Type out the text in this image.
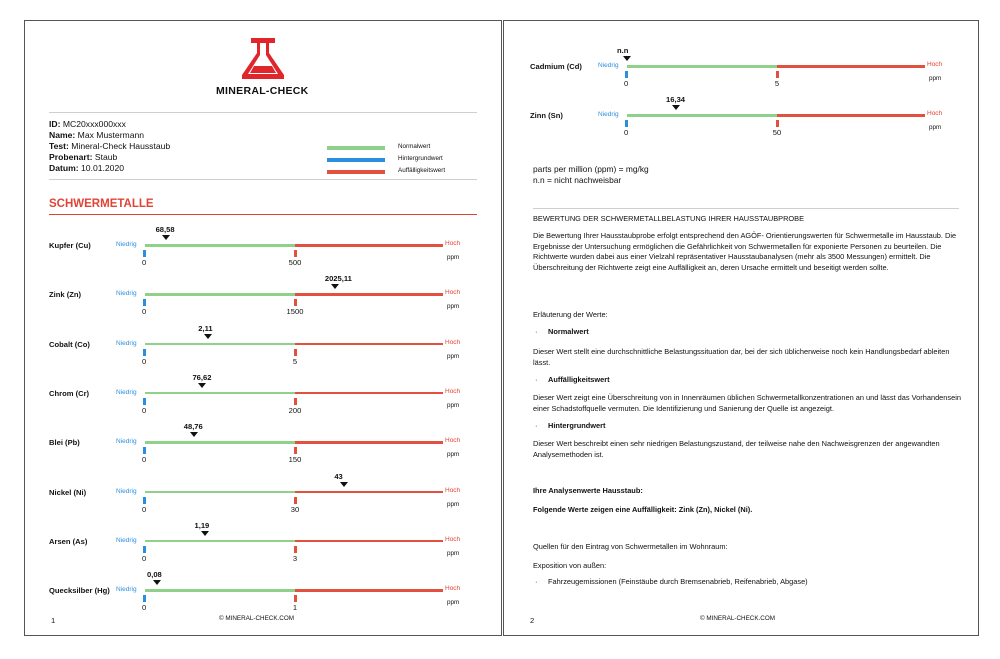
MINERAL-CHECK
ID: MC20xxx000xxx
Name: Max Mustermann
Test: Mineral-Check Hausstaub
Probenart: Staub
Datum: 10.01.2020
Normalwert
Hintergrundwert
Auffälligkeitswert
SCHWERMETALLE
Kupfer (Cu)	Niedrig	Hoch
ppm
0	500
68,58
Zink (Zn)	Niedrig	Hoch
ppm
0	1500
2025,11
Cobalt (Co)	Niedrig	Hoch
ppm
0	5
2,11
Chrom (Cr)	Niedrig	Hoch
ppm
0	200
76,62
Blei (Pb)	Niedrig	Hoch
ppm
0	150
48,76
Nickel (Ni)	Niedrig	Hoch
ppm
0	30
43
Arsen (As)	Niedrig	Hoch
ppm
0	3
1,19
Quecksilber (Hg) Niedrig	Hoch
ppm
0	1
0,08
1	© MINERAL-CHECK.COM
Cadmium (Cd) Niedrig	Hoch
ppm
0	5
n.n
Zinn (Sn)	Niedrig	Hoch
ppm
0	50
16,34
parts per million (ppm) = mg/kg
n.n = nicht nachweisbar
BEWERTUNG DER SCHWERMETALLBELASTUNG IHRER HAUSSTAUBPROBE
Die Bewertung Ihrer Hausstaubprobe erfolgt entsprechend den AGÖF- Orientierungswerten für Schwermetalle im Hausstaub. Die Ergebnisse der Untersuchung ermöglichen die Gefährlichkeit von Schwermetallen für exponierte Personen zu beurteilen. Die Richtwerte wurden dabei aus einer Vielzahl repräsentativer Hausstaubanalysen (mehr als 3500 Messungen) ermittelt. Die Überschreitung der Richtwerte zeigt eine Auffälligkeit an, deren Ursache ermittelt und beseitigt werden sollte.
Erläuterung der Werte:
· Normalwert
Dieser Wert stellt eine durchschnittliche Belastungssituation dar, bei der sich üblicherweise noch kein Handlungsbedarf ableiten lässt.
· Auffälligkeitswert
Dieser Wert zeigt eine Überschreitung von in Innenräumen üblichen Schwermetallkonzentrationen an und lässt das Vorhandensein einer Schadstoffquelle vermuten. Die Identifizierung und Sanierung der Quelle ist angezeigt.
· Hintergrundwert
Dieser Wert beschreibt einen sehr niedrigen Belastungszustand, der teilweise nahe den Nachweisgrenzen der angewandten Analysemethoden ist.
Ihre Analysenwerte Hausstaub:
Folgende Werte zeigen eine Auffälligkeit: Zink (Zn), Nickel (Ni).
Quellen für den Eintrag von Schwermetallen im Wohnraum:
Exposition von außen:
· Fahrzeugemissionen (Feinstäube durch Bremsenabrieb, Reifenabrieb, Abgase)
2	© MINERAL-CHECK.COM
